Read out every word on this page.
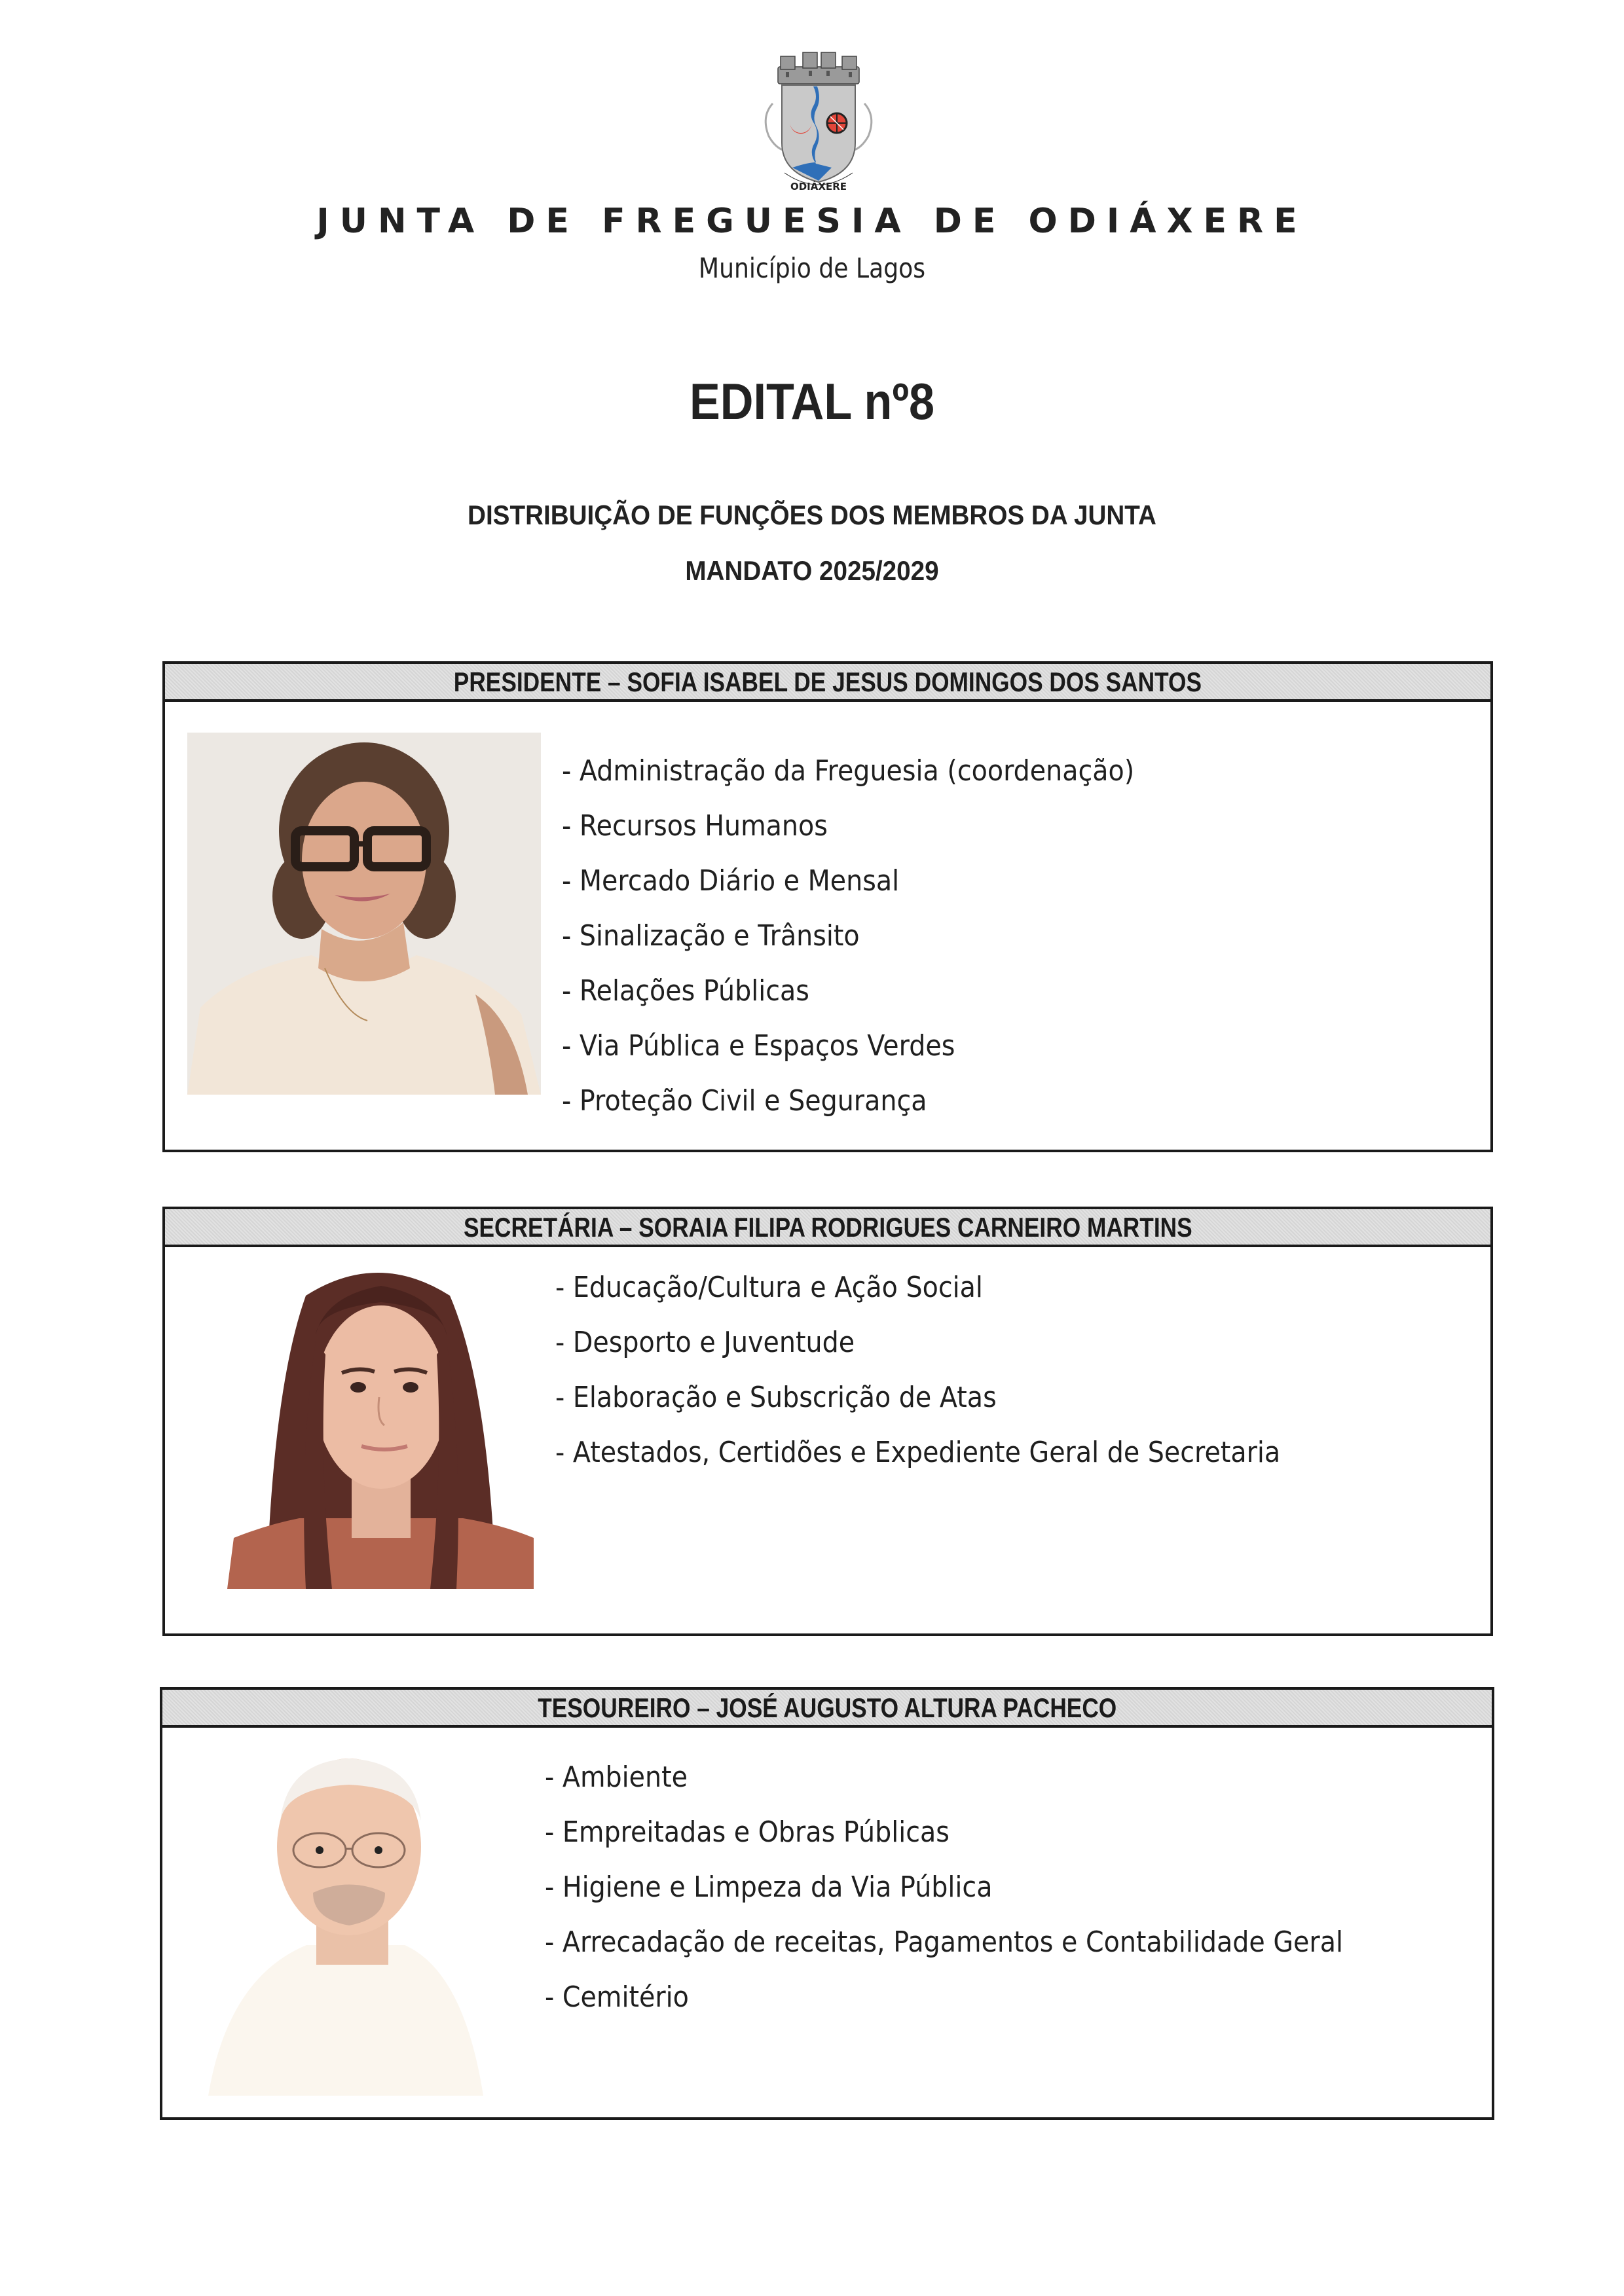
ODIÁXERE
JUNTA DE FREGUESIA DE ODIÁXERE
Município de Lagos
EDITAL nº8
DISTRIBUIÇÃO DE FUNÇÕES DOS MEMBROS DA JUNTA
MANDATO 2025/2029
PRESIDENTE – SOFIA ISABEL DE JESUS DOMINGOS DOS SANTOS
- Administração da Freguesia (coordenação)
- Recursos Humanos
- Mercado Diário e Mensal
- Sinalização e Trânsito
- Relações Públicas
- Via Pública e Espaços Verdes
- Proteção Civil e Segurança
SECRETÁRIA – SORAIA FILIPA RODRIGUES CARNEIRO MARTINS
- Educação/Cultura e Ação Social
- Desporto e Juventude
- Elaboração e Subscrição de Atas
- Atestados, Certidões e Expediente Geral de Secretaria
TESOUREIRO – JOSÉ AUGUSTO ALTURA PACHECO
- Ambiente
- Empreitadas e Obras Públicas
- Higiene e Limpeza da Via Pública
- Arrecadação de receitas, Pagamentos e Contabilidade Geral
- Cemitério
